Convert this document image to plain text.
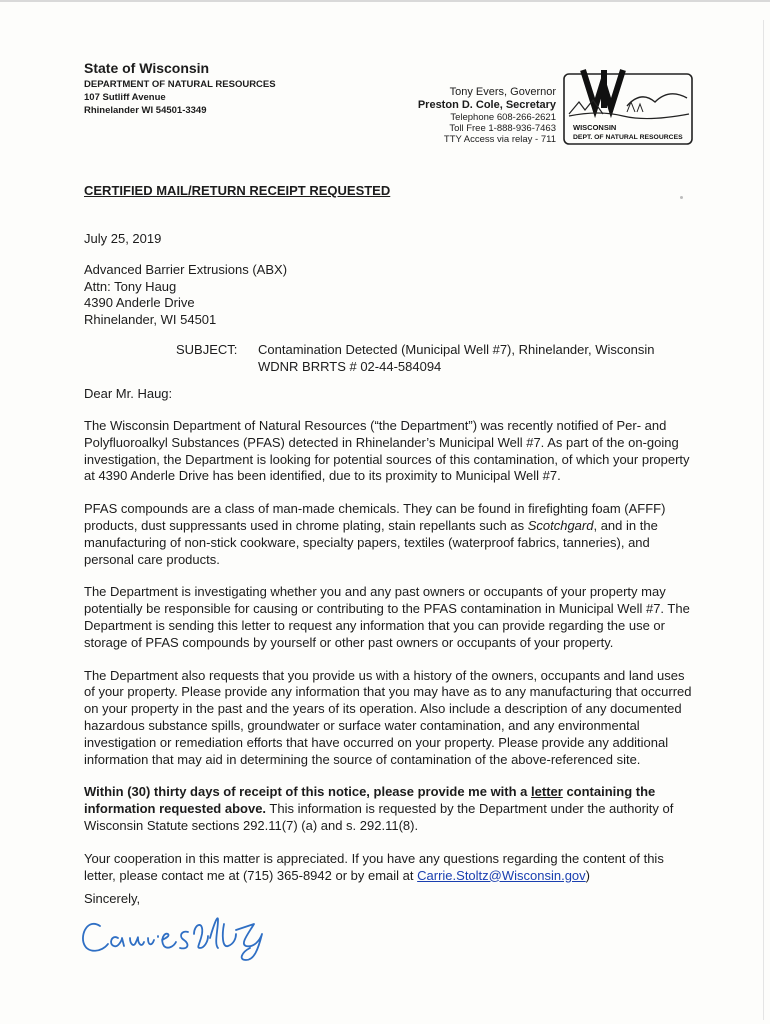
State of Wisconsin
DEPARTMENT OF NATURAL RESOURCES
107 Sutliff Avenue
Rhinelander WI 54501-3349
Tony Evers, Governor
Preston D. Cole, Secretary
Telephone 608-266-2621
Toll Free 1-888-936-7463
TTY Access via relay - 711
WISCONSIN
DEPT. OF NATURAL RESOURCES
CERTIFIED MAIL/RETURN RECEIPT REQUESTED
July 25, 2019
Advanced Barrier Extrusions (ABX)
Attn: Tony Haug
4390 Anderle Drive
Rhinelander, WI 54501
SUBJECT:	Contamination Detected (Municipal Well #7), Rhinelander, Wisconsin
WDNR BRRTS # 02-44-584094
Dear Mr. Haug:

The Wisconsin Department of Natural Resources (“the Department”) was recently notified of Per- and Polyfluoroalkyl Substances (PFAS) detected in Rhinelander’s Municipal Well #7. As part of the on-going investigation, the Department is looking for potential sources of this contamination, of which your property at 4390 Anderle Drive has been identified, due to its proximity to Municipal Well #7.

PFAS compounds are a class of man-made chemicals. They can be found in firefighting foam (AFFF) products, dust suppressants used in chrome plating, stain repellants such as Scotchgard, and in the manufacturing of non-stick cookware, specialty papers, textiles (waterproof fabrics, tanneries), and personal care products.

The Department is investigating whether you and any past owners or occupants of your property may potentially be responsible for causing or contributing to the PFAS contamination in Municipal Well #7. The Department is sending this letter to request any information that you can provide regarding the use or storage of PFAS compounds by yourself or other past owners or occupants of your property.

The Department also requests that you provide us with a history of the owners, occupants and land uses of your property. Please provide any information that you may have as to any manufacturing that occurred on your property in the past and the years of its operation. Also include a description of any documented hazardous substance spills, groundwater or surface water contamination, and any environmental investigation or remediation efforts that have occurred on your property. Please provide any additional information that may aid in determining the source of contamination of the above-referenced site.

Within (30) thirty days of receipt of this notice, please provide me with a letter containing the information requested above. This information is requested by the Department under the authority of Wisconsin Statute sections 292.11(7) (a) and s. 292.11(8).

Your cooperation in this matter is appreciated. If you have any questions regarding the content of this letter, please contact me at (715) 365-8942 or by email at Carrie.Stoltz@Wisconsin.gov)

Sincerely,
